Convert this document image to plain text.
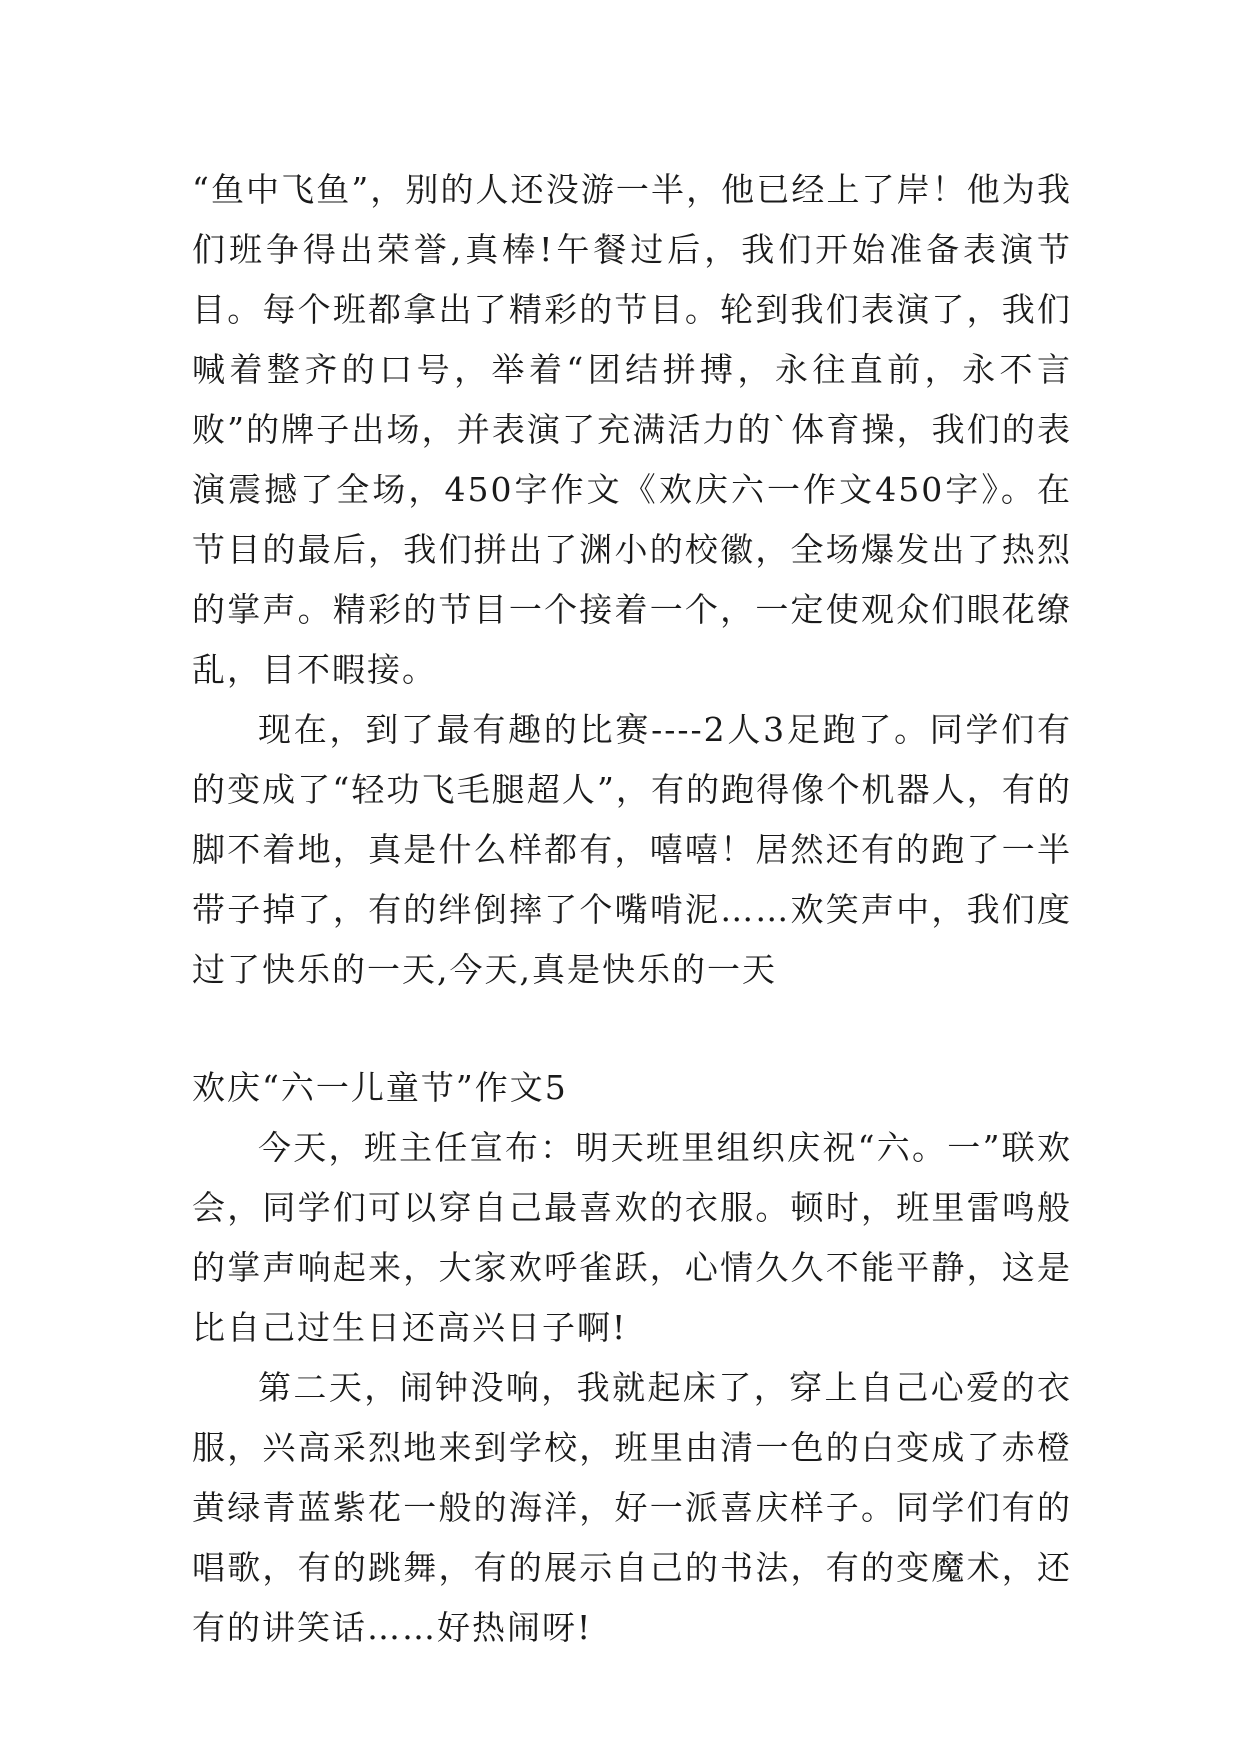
“鱼中飞鱼”，别的人还没游一半，他已经上了岸！他为我们班争得出荣誉,真棒!午餐过后，我们开始准备表演节目。每个班都拿出了精彩的节目。轮到我们表演了，我们喊着整齐的口号，举着“团结拼搏，永往直前，永不言败”的牌子出场，并表演了充满活力的`体育操，我们的表演震撼了全场，450字作文《欢庆六一作文450字》。在节目的最后，我们拼出了渊小的校徽，全场爆发出了热烈的掌声。精彩的节目一个接着一个，一定使观众们眼花缭乱，目不暇接。

现在，到了最有趣的比赛----2人3足跑了。同学们有的变成了“轻功飞毛腿超人”，有的跑得像个机器人，有的脚不着地，真是什么样都有，嘻嘻！居然还有的跑了一半带子掉了，有的绊倒摔了个嘴啃泥……欢笑声中，我们度过了快乐的一天,今天,真是快乐的一天

欢庆“六一儿童节”作文5

今天，班主任宣布：明天班里组织庆祝“六。一”联欢会，同学们可以穿自己最喜欢的衣服。顿时，班里雷鸣般的掌声响起来，大家欢呼雀跃，心情久久不能平静，这是比自己过生日还高兴日子啊!

第二天，闹钟没响，我就起床了，穿上自己心爱的衣服，兴高采烈地来到学校，班里由清一色的白变成了赤橙黄绿青蓝紫花一般的海洋，好一派喜庆样子。同学们有的唱歌，有的跳舞，有的展示自己的书法，有的变魔术，还有的讲笑话……好热闹呀!
